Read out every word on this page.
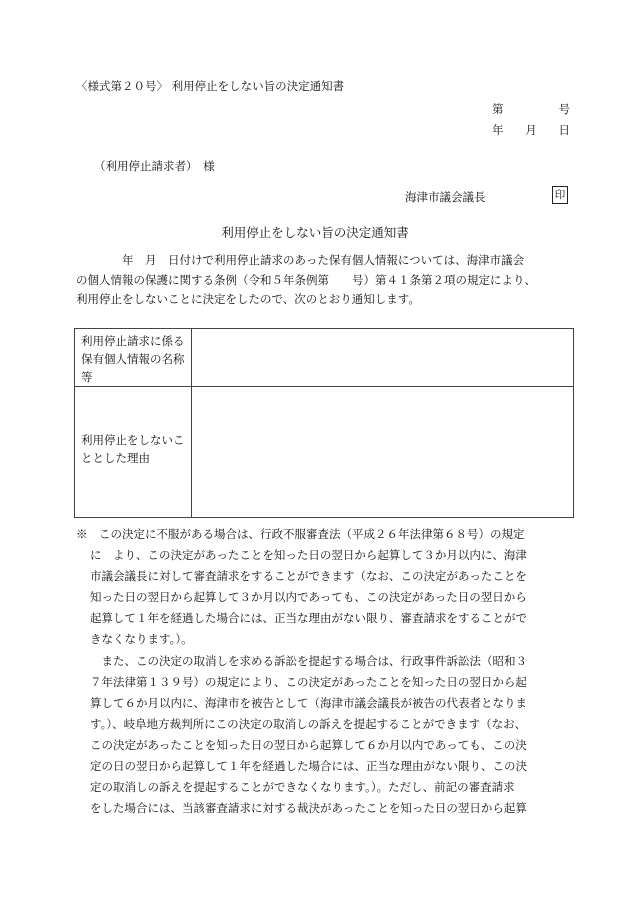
〈様式第２０号〉 利用停止をしない旨の決定通知書
第	号
年 月 日
（利用停止請求者）　様
海津市議会議長	印
利用停止をしない旨の決定通知書
　　　　年　月　日付けで利用停止請求のあった保有個人情報については、海津市議会
の個人情報の保護に関する条例（令和５年条例第　　号）第４１条第２項の規定により、
利用停止をしないことに決定をしたので、次のとおり通知します。
利用停止請求に係る
保有個人情報の名称
等
利用停止をしないこ
ととした理由
※　この決定に不服がある場合は、行政不服審査法（平成２６年法律第６８号）の規定
に　より、この決定があったことを知った日の翌日から起算して３か月以内に、海津
市議会議長に対して審査請求をすることができます（なお、この決定があったことを
知った日の翌日から起算して３か月以内であっても、この決定があった日の翌日から
起算して１年を経過した場合には、正当な理由がない限り、審査請求をすることがで
きなくなります。）。
　また、この決定の取消しを求める訴訟を提起する場合は、行政事件訴訟法（昭和３
７年法律第１３９号）の規定により、この決定があったことを知った日の翌日から起
算して６か月以内に、海津市を被告として（海津市議会議長が被告の代表者となりま
す。）、岐阜地方裁判所にこの決定の取消しの訴えを提起することができます（なお、
この決定があったことを知った日の翌日から起算して６か月以内であっても、この決
定の日の翌日から起算して１年を経過した場合には、正当な理由がない限り、この決
定の取消しの訴えを提起することができなくなります。）。ただし、前記の審査請求
をした場合には、当該審査請求に対する裁決があったことを知った日の翌日から起算
